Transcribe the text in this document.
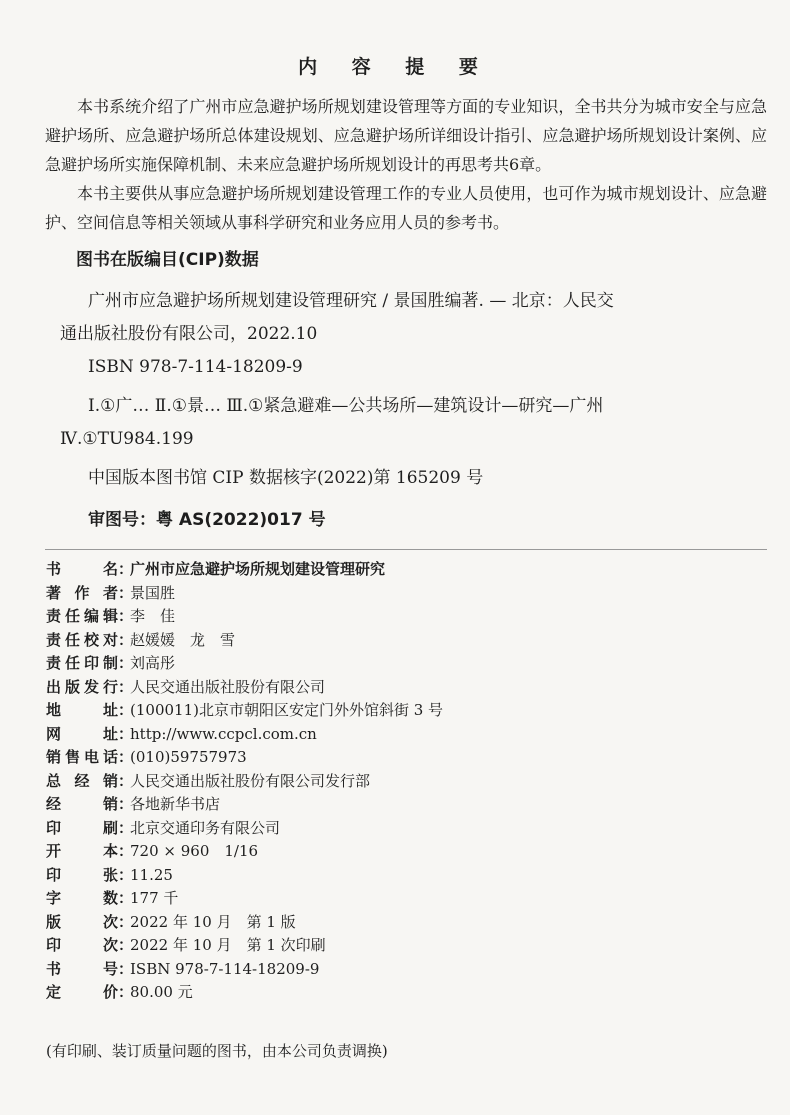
内 容 提 要

本书系统介绍了广州市应急避护场所规划建设管理等方面的专业知识，全书共分为城市安全与应急避护场所、应急避护场所总体建设规划、应急避护场所详细设计指引、应急避护场所规划设计案例、应急避护场所实施保障机制、未来应急避护场所规划设计的再思考共6章。

本书主要供从事应急避护场所规划建设管理工作的专业人员使用，也可作为城市规划设计、应急避护、空间信息等相关领域从事科学研究和业务应用人员的参考书。

图书在版编目(CIP)数据
广州市应急避护场所规划建设管理研究 / 景国胜编著. — 北京：人民交通出版社股份有限公司，2022.10
ISBN 978-7-114-18209-9
Ⅰ.①广… Ⅱ.①景… Ⅲ.①紧急避难—公共场所—建筑设计—研究—广州 Ⅳ.①TU984.199
中国版本图书馆 CIP 数据核字(2022)第 165209 号
审图号：粤 AS(2022)017 号
书名：广州市应急避护场所规划建设管理研究
著作者：景国胜
责任编辑：李　佳
责任校对：赵媛媛　龙　雪
责任印制：刘高彤
出版发行：人民交通出版社股份有限公司
地址：(100011)北京市朝阳区安定门外外馆斜街 3 号
网址：http://www.ccpcl.com.cn
销售电话：(010)59757973
总经销：人民交通出版社股份有限公司发行部
经销：各地新华书店
印刷：北京交通印务有限公司
开本：720 × 960　1/16
印张：11.25
字数：177 千
版次：2022 年 10 月　第 1 版
印次：2022 年 10 月　第 1 次印刷
书号：ISBN 978-7-114-18209-9
定价：80.00 元
(有印刷、装订质量问题的图书，由本公司负责调换)
